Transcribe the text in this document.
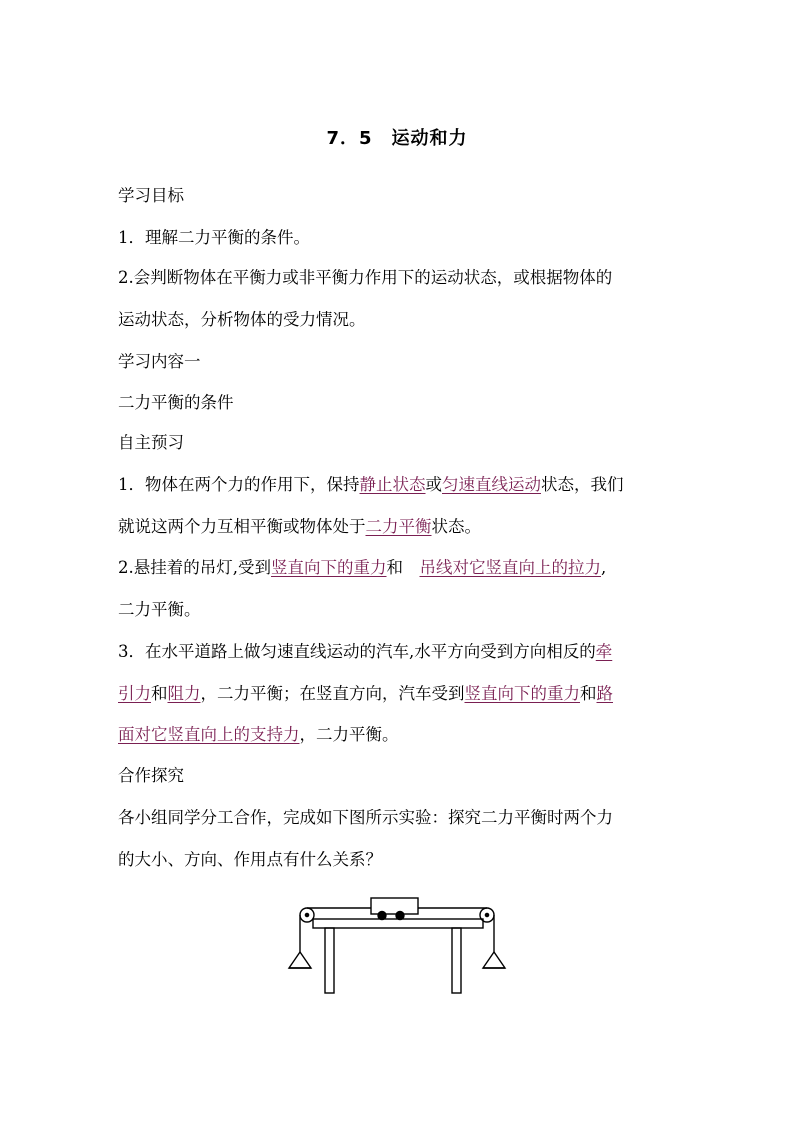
7．5　运动和力
学习目标
1．理解二力平衡的条件。
2.会判断物体在平衡力或非平衡力作用下的运动状态，或根据物体的
运动状态，分析物体的受力情况。
学习内容一
二力平衡的条件
自主预习
1．物体在两个力的作用下，保持静止状态或匀速直线运动状态，我们
就说这两个力互相平衡或物体处于二力平衡状态。
2.悬挂着的吊灯,受到竖直向下的重力和　吊线对它竖直向上的拉力,
二力平衡。
3．在水平道路上做匀速直线运动的汽车,水平方向受到方向相反的牵
引力和阻力，二力平衡；在竖直方向，汽车受到竖直向下的重力和路
面对它竖直向上的支持力，二力平衡。
合作探究
各小组同学分工合作，完成如下图所示实验：探究二力平衡时两个力
的大小、方向、作用点有什么关系？
